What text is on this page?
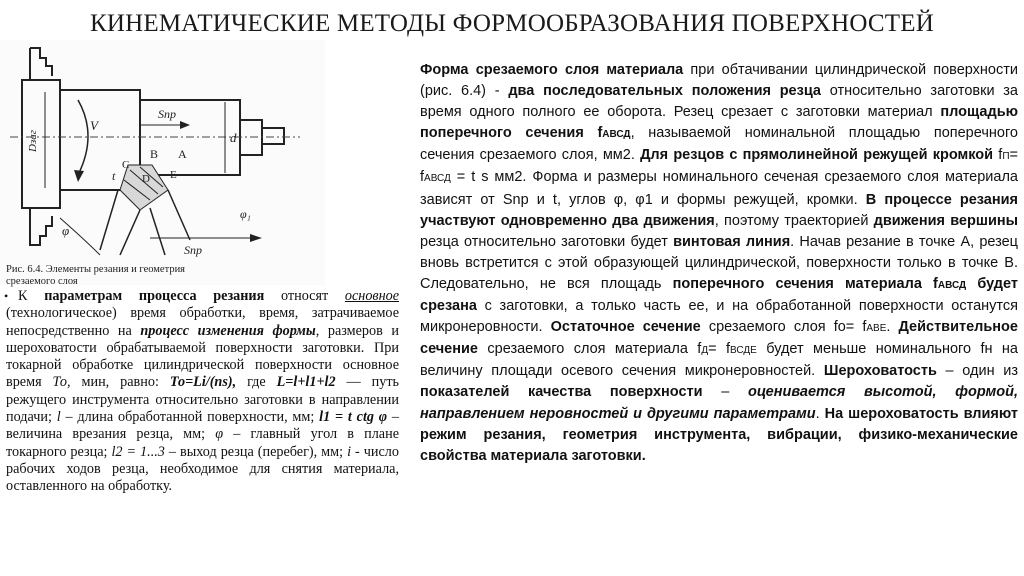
КИНЕМАТИЧЕСКИЕ МЕТОДЫ ФОРМООБРАЗОВАНИЯ ПОВЕРХНОСТЕЙ
Dзаг
V
Snp
d
t
B A
C
E
D
φ
φ₁
Snp
Рис. 6.4. Элементы резания и геометрия
срезаемого слоя

• К параметрам процесса резания относят основное (технологическое) время обработки, время, затрачиваемое непосредственно на процесс изменения формы, размеров и шероховатости обрабатываемой поверхности заготовки. При токарной обработке цилиндрической поверхности основное время То, мин, равно: То=Li/(ns), где L=l+l1+l2 — путь режущего инструмента относительно заготовки в направлении подачи; l – длина обработанной поверхности, мм; l1 = t ctg φ – величина врезания резца, мм; φ – главный угол в плане токарного резца; l2 = 1...3 – выход резца (перебег), мм; i - число рабочих ходов резца, необходимое для снятия материала, оставленного на обработку.

Форма срезаемого слоя материала при обтачивании цилиндрической поверхности (рис. 6.4) - два последовательных положения резца относительно заготовки за время одного полного ее оборота. Резец срезает с заготовки материал площадью поперечного сечения fАВСД, называемой номинальной площадью поперечного сечения срезаемого слоя, мм2. Для резцов с прямолинейной режущей кромкой fП= fАВСД = t s мм2. Форма и размеры номинального сеченая срезаемого слоя материала зависят от Snp и t, углов φ, φ1 и формы режущей, кромки. В процессе резания участвуют одновременно два движения, поэтому траекторией движения вершины резца относительно заготовки будет винтовая линия. Начав резание в точке А, резец вновь встретится с этой образующей цилиндрической, поверхности только в точке В. Следовательно, не вся площадь поперечного сечения материала fАВСД будет срезана с заготовки, а только часть ее, и на обработанной поверхности останутся микронеровности. Остаточное сечение срезаемого слоя fо= fАВЕ. Действительное сечение срезаемого слоя материала fД= fВСДЕ будет меньше номинального fн на величину площади осевого сечения микронеровностей. Шероховатость – один из показателей качества поверхности – оценивается высотой, формой, направлением неровностей и другими параметрами. На шероховатость влияют режим резания, геометрия инструмента, вибрации, физико-механические свойства материала заготовки.
